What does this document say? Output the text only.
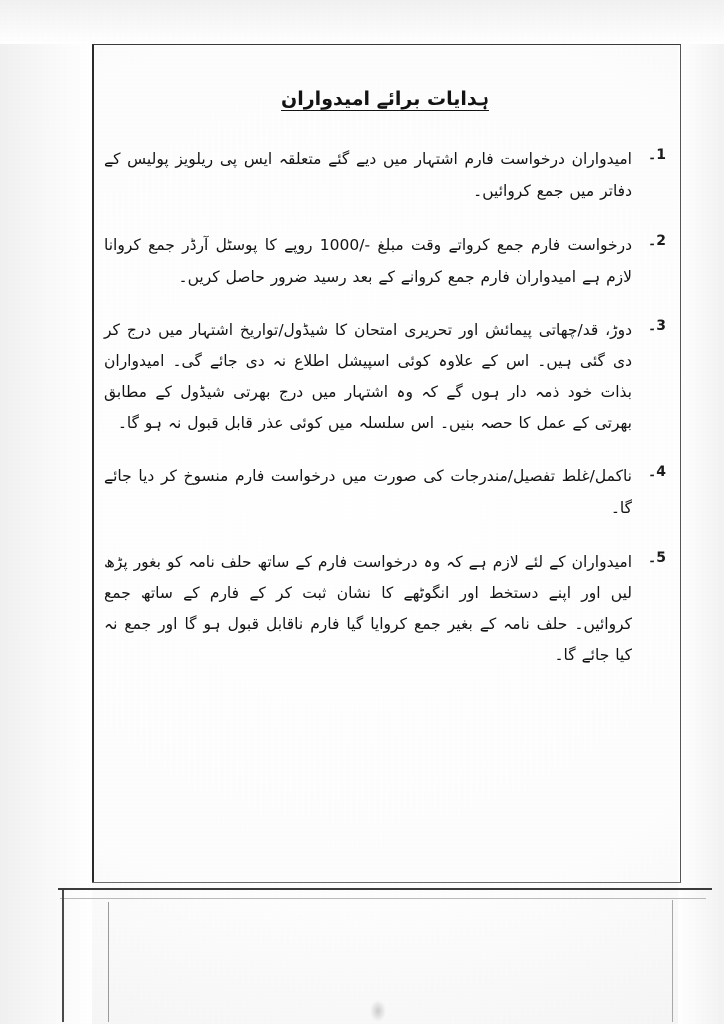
ہدایات برائے امیدواران
1۔
امیدواران درخواست فارم اشتہار میں دیے گئے متعلقہ ایس پی ریلویز پولیس کے دفاتر میں جمع کروائیں۔
2۔
درخواست فارم جمع کرواتے وقت مبلغ -/1000 روپے کا پوسٹل آرڈر جمع کروانا لازم ہے امیدواران فارم جمع کروانے کے بعد رسید ضرور حاصل کریں۔
3۔
دوڑ، قد/چھاتی پیمائش اور تحریری امتحان کا شیڈول/تواریخ اشتہار میں درج کر دی گئی ہیں۔ اس کے علاوہ کوئی اسپیشل اطلاع نہ دی جائے گی۔ امیدواران بذات خود ذمہ دار ہوں گے کہ وہ اشتہار میں درج بھرتی شیڈول کے مطابق بھرتی کے عمل کا حصہ بنیں۔ اس سلسلہ میں کوئی عذر قابل قبول نہ ہو گا۔
4۔
ناکمل/غلط تفصیل/مندرجات کی صورت میں درخواست فارم منسوخ کر دیا جائے گا۔
5۔
امیدواران کے لئے لازم ہے کہ وہ درخواست فارم کے ساتھ حلف نامہ کو بغور پڑھ لیں اور اپنے دستخط اور انگوٹھے کا نشان ثبت کر کے فارم کے ساتھ جمع کروائیں۔ حلف نامہ کے بغیر جمع کروایا گیا فارم ناقابل قبول ہو گا اور جمع نہ کیا جائے گا۔
